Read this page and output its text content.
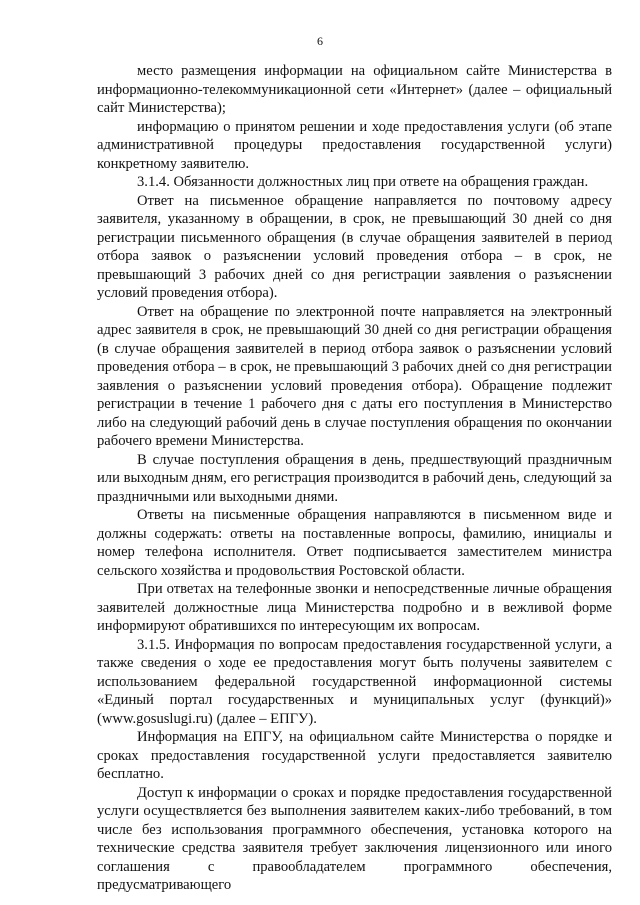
6

место размещения информации на официальном сайте Министерства в информационно-телекоммуникационной сети «Интернет» (далее – официальный сайт Министерства);

информацию о принятом решении и ходе предоставления услуги (об этапе административной процедуры предоставления государственной услуги) конкретному заявителю.

3.1.4. Обязанности должностных лиц при ответе на обращения граждан.

Ответ на письменное обращение направляется по почтовому адресу заявителя, указанному в обращении, в срок, не превышающий 30 дней со дня регистрации письменного обращения (в случае обращения заявителей в период отбора заявок о разъяснении условий проведения отбора – в срок, не превышающий 3 рабочих дней со дня регистрации заявления о разъяснении условий проведения отбора).

Ответ на обращение по электронной почте направляется на электронный адрес заявителя в срок, не превышающий 30 дней со дня регистрации обращения (в случае обращения заявителей в период отбора заявок о разъяснении условий проведения отбора – в срок, не превышающий 3 рабочих дней со дня регистрации заявления о разъяснении условий проведения отбора). Обращение подлежит регистрации в течение 1 рабочего дня с даты его поступления в Министерство либо на следующий рабочий день в случае поступления обращения по окончании рабочего времени Министерства.

В случае поступления обращения в день, предшествующий праздничным или выходным дням, его регистрация производится в рабочий день, следующий за праздничными или выходными днями.

Ответы на письменные обращения направляются в письменном виде и должны содержать: ответы на поставленные вопросы, фамилию, инициалы и номер телефона исполнителя. Ответ подписывается заместителем министра сельского хозяйства и продовольствия Ростовской области.

При ответах на телефонные звонки и непосредственные личные обращения заявителей должностные лица Министерства подробно и в вежливой форме информируют обратившихся по интересующим их вопросам.

3.1.5. Информация по вопросам предоставления государственной услуги, а также сведения о ходе ее предоставления могут быть получены заявителем с использованием федеральной государственной информационной системы «Единый портал государственных и муниципальных услуг (функций)» (www.gosuslugi.ru) (далее – ЕПГУ).

Информация на ЕПГУ, на официальном сайте Министерства о порядке и сроках предоставления государственной услуги предоставляется заявителю бесплатно.

Доступ к информации о сроках и порядке предоставления государственной услуги осуществляется без выполнения заявителем каких-либо требований, в том числе без использования программного обеспечения, установка которого на технические средства заявителя требует заключения лицензионного или иного соглашения с правообладателем программного обеспечения, предусматривающего
